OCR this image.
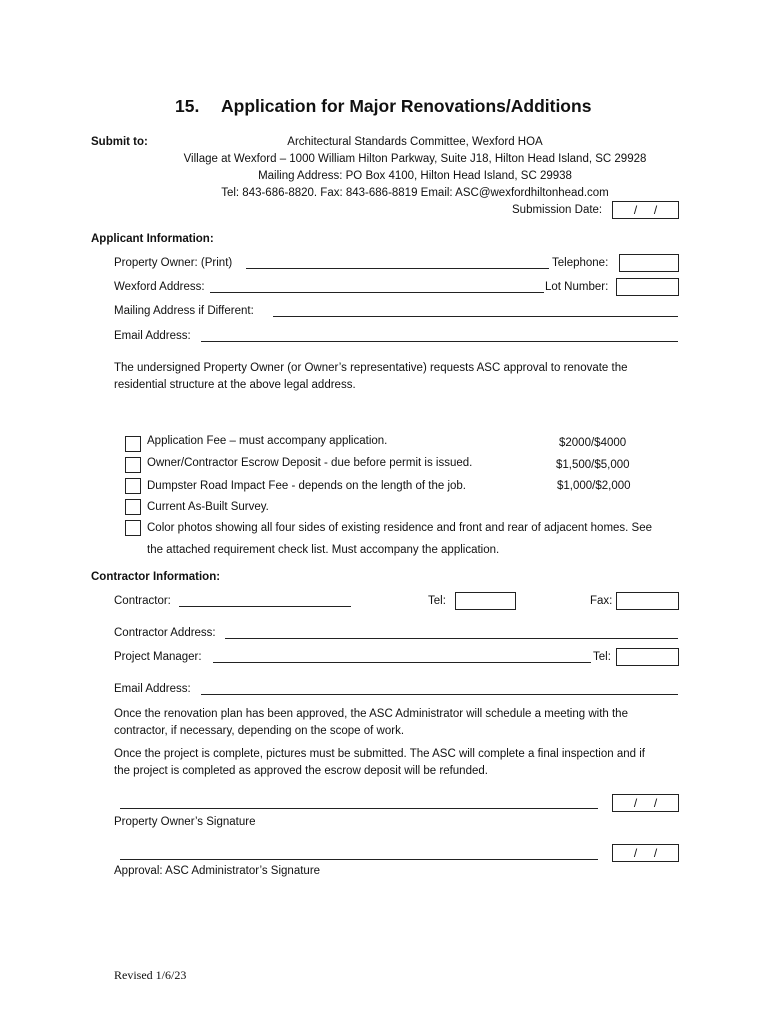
15. Application for Major Renovations/Additions
Submit to:	Architectural Standards Committee, Wexford HOA
Village at Wexford – 1000 William Hilton Parkway, Suite J18, Hilton Head Island, SC 29928
Mailing Address: PO Box 4100, Hilton Head Island, SC 29938
Tel: 843-686-8820. Fax: 843-686-8819 Email: ASC@wexfordhiltonhead.com
Submission Date:	/     /
Applicant Information:
Property Owner: (Print)	Telephone:
Wexford Address:	Lot Number:
Mailing Address if Different:
Email Address:
The undersigned Property Owner (or Owner’s representative) requests ASC approval to renovate the
residential structure at the above legal address.
Application Fee – must accompany application.	$2000/$4000
Owner/Contractor Escrow Deposit - due before permit is issued.	$1,500/$5,000
Dumpster Road Impact Fee - depends on the length of the job.	$1,000/$2,000
Current As-Built Survey.
Color photos showing all four sides of existing residence and front and rear of adjacent homes. See
the attached requirement check list. Must accompany the application.
Contractor Information:
Contractor:	Tel:	Fax:
Contractor Address:
Project Manager:	Tel:
Email Address:
Once the renovation plan has been approved, the ASC Administrator will schedule a meeting with the
contractor, if necessary, depending on the scope of work.
Once the project is complete, pictures must be submitted. The ASC will complete a final inspection and if
the project is completed as approved the escrow deposit will be refunded.
/     /
Property Owner’s Signature
/     /
Approval: ASC Administrator’s Signature
Revised 1/6/23
